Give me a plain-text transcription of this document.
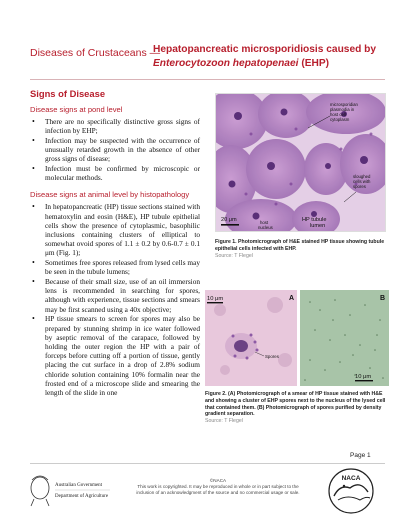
Diseases of Crustaceans —
Hepatopancreatic microsporidiosis caused by
Enterocytozoon hepatopenaei (EHP)
Signs of Disease
Disease signs at pond level
• There are no specifically distinctive gross signs of infection by EHP;
• Infection may be suspected with the occurrence of unusually retarded growth in the absence of other gross signs of disease;
• Infection must be confirmed by microscopic or molecular methods.
Disease signs at animal level by histopathology
• In hepatopancreatic (HP) tissue sections stained with hematoxylin and eosin (H&E), HP tubule epithelial cells show the presence of cytoplasmic, basophilic inclusions containing clusters of elliptical to somewhat ovoid spores of 1.1 ± 0.2 by 0.6-0.7 ± 0.1 μm (Fig. 1);
• Sometimes free spores released from lysed cells may be seen in the tubule lumens;
• Because of their small size, use of an oil immersion lens is recommended in searching for spores, although with experience, tissue sections and smears may be first scanned using a 40x objective;
• HP tissue smears to screen for spores may also be prepared by stunning shrimp in ice water followed by aseptic removal of the carapace, followed by holding the outer region the HP with a pair of forceps before cutting off a portion of tissue, gently placing the cut surface in a drop of 2.8% sodium chloride solution containing 10% formalin near the frosted end of a microscope slide and smearing the length of the slide in one
microsporidian plasmodia in host cell cytoplasm
sloughed cells with spores
host nucleus
HP tubule lumen
20 μm
Figure 1. Photomicrograph of H&E stained HP tissue showing tubule epithelial cells infected with EHP.
Source: T Flegel
10 μm	A
Spores
B
10 μm
Figure 2. (A) Photomicrograph of a smear of HP tissue stained with H&E and showing a cluster of EHP spores next to the nucleus of the lysed cell that contained them. (B) Photomicrograph of spores purified by density gradient separation.
Source: T Flegel
Page 1
Australian Government
Department of Agriculture
©NACA
This work is copyrighted. It may be reproduced in whole or in part subject to the
inclusion of an acknowledgment of the source and no commercial usage or sale.
NACA
